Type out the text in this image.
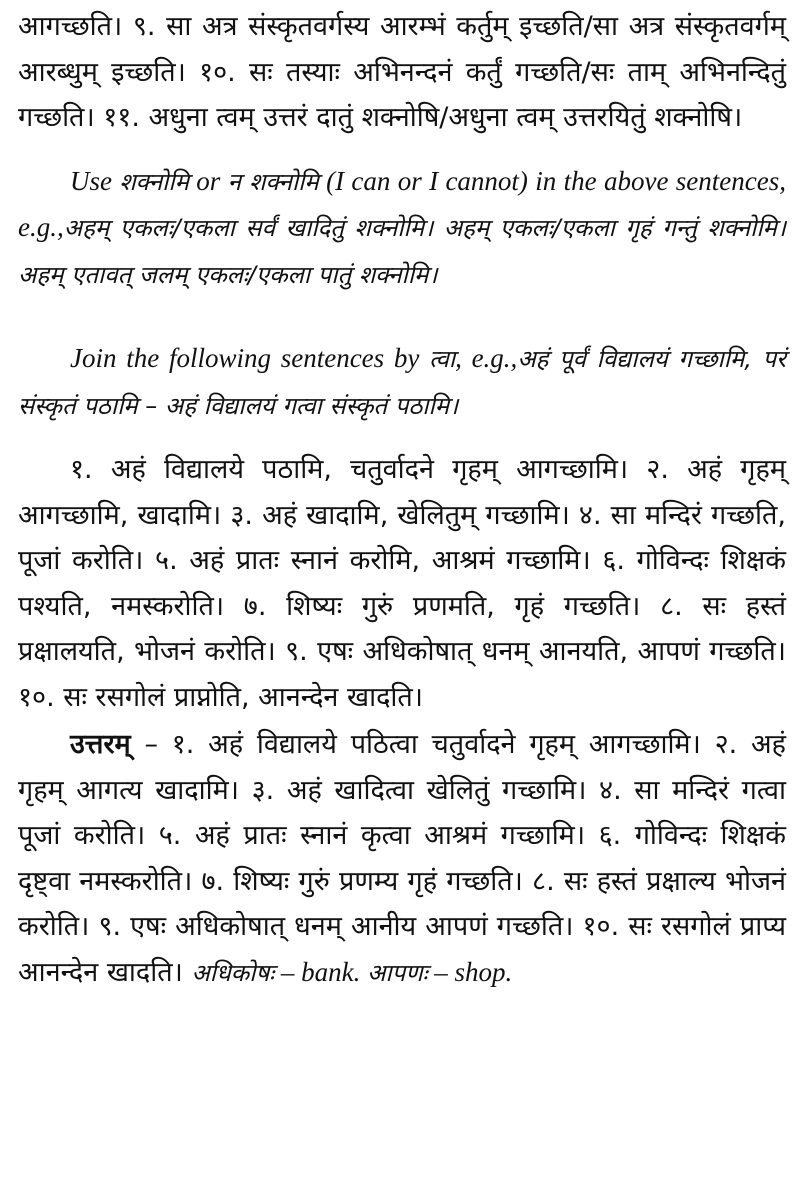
आगच्छति। ९. सा अत्र संस्कृतवर्गस्य आरम्भं कर्तुम् इच्छति/सा अत्र संस्कृतवर्गम् आरब्धुम् इच्छति। १०. सः तस्याः अभिनन्दनं कर्तुं गच्छति/सः ताम् अभिनन्दितुं गच्छति। ११. अधुना त्वम् उत्तरं दातुं शक्नोषि/अधुना त्वम् उत्तरयितुं शक्नोषि।

Use शक्नोमि or न शक्नोमि (I can or I cannot) in the above sentences, e.g.,अहम् एकलः/एकला सर्वं खादितुं शक्नोमि। अहम् एकलः/एकला गृहं गन्तुं शक्नोमि। अहम् एतावत् जलम् एकलः/एकला पातुं शक्नोमि।

Join the following sentences by त्वा, e.g.,अहं पूर्वं विद्यालयं गच्छामि, परं संस्कृतं पठामि – अहं विद्यालयं गत्वा संस्कृतं पठामि।

१. अहं विद्यालये पठामि, चतुर्वादने गृहम् आगच्छामि। २. अहं गृहम् आगच्छामि, खादामि। ३. अहं खादामि, खेलितुम् गच्छामि। ४. सा मन्दिरं गच्छति, पूजां करोति। ५. अहं प्रातः स्नानं करोमि, आश्रमं गच्छामि। ६. गोविन्दः शिक्षकं पश्यति, नमस्करोति। ७. शिष्यः गुरुं प्रणमति, गृहं गच्छति। ८. सः हस्तं प्रक्षालयति, भोजनं करोति। ९. एषः अधिकोषात् धनम् आनयति, आपणं गच्छति। १०. सः रसगोलं प्राप्नोति, आनन्देन खादति।

उत्तरम् – १. अहं विद्यालये पठित्वा चतुर्वादने गृहम् आगच्छामि। २. अहं गृहम् आगत्य खादामि। ३. अहं खादित्वा खेलितुं गच्छामि। ४. सा मन्दिरं गत्वा पूजां करोति। ५. अहं प्रातः स्नानं कृत्वा आश्रमं गच्छामि। ६. गोविन्दः शिक्षकं दृष्ट्वा नमस्करोति। ७. शिष्यः गुरुं प्रणम्य गृहं गच्छति। ८. सः हस्तं प्रक्षाल्य भोजनं करोति। ९. एषः अधिकोषात् धनम् आनीय आपणं गच्छति। १०. सः रसगोलं प्राप्य आनन्देन खादति। अधिकोषः – bank. आपणः – shop.
